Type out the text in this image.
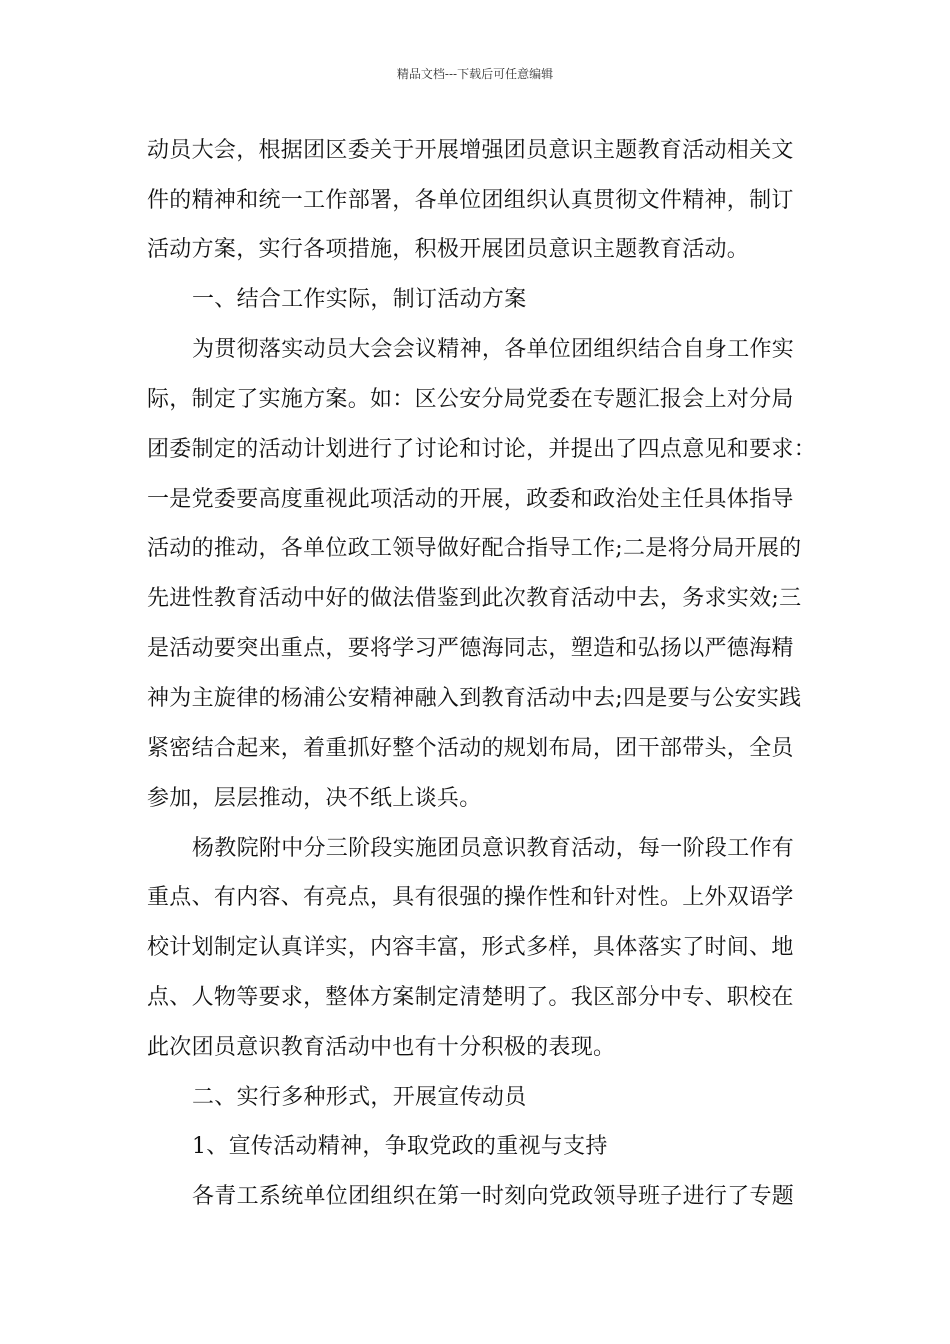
精品文档---下载后可任意编辑
动员大会，根据团区委关于开展增强团员意识主题教育活动相关文
件的精神和统一工作部署，各单位团组织认真贯彻文件精神，制订
活动方案，实行各项措施，积极开展团员意识主题教育活动。
一、结合工作实际，制订活动方案
为贯彻落实动员大会会议精神，各单位团组织结合自身工作实
际，制定了实施方案。如：区公安分局党委在专题汇报会上对分局
团委制定的活动计划进行了讨论和讨论，并提出了四点意见和要求：
一是党委要高度重视此项活动的开展，政委和政治处主任具体指导
活动的推动，各单位政工领导做好配合指导工作;二是将分局开展的
先进性教育活动中好的做法借鉴到此次教育活动中去，务求实效;三
是活动要突出重点，要将学习严德海同志，塑造和弘扬以严德海精
神为主旋律的杨浦公安精神融入到教育活动中去;四是要与公安实践
紧密结合起来，着重抓好整个活动的规划布局，团干部带头，全员
参加，层层推动，决不纸上谈兵。
杨教院附中分三阶段实施团员意识教育活动，每一阶段工作有
重点、有内容、有亮点，具有很强的操作性和针对性。上外双语学
校计划制定认真详实，内容丰富，形式多样，具体落实了时间、地
点、人物等要求，整体方案制定清楚明了。我区部分中专、职校在
此次团员意识教育活动中也有十分积极的表现。
二、实行多种形式，开展宣传动员
1、宣传活动精神，争取党政的重视与支持
各青工系统单位团组织在第一时刻向党政领导班子进行了专题
